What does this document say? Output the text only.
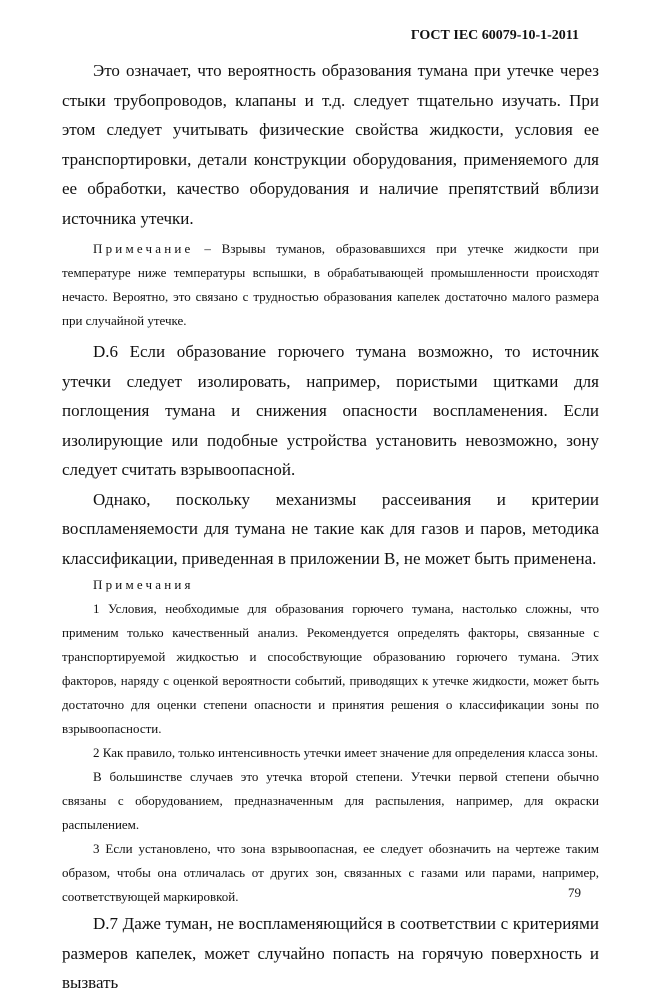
ГОСТ IEC 60079-10-1-2011

Это означает, что вероятность образования тумана при утечке через стыки трубопроводов, клапаны и т.д. следует тщательно изучать. При этом следует учитывать физические свойства жидкости, условия ее транспортировки, детали конструкции оборудования, применяемого для ее обработки, качество оборудования и наличие препятствий вблизи источника утечки.

Примечание – Взрывы туманов, образовавшихся при утечке жидкости при температуре ниже температуры вспышки, в обрабатывающей промышленности происходят нечасто. Вероятно, это связано с трудностью образования капелек достаточно малого размера при случайной утечке.

D.6 Если образование горючего тумана возможно, то источник утечки следует изолировать, например, пористыми щитками для поглощения тумана и снижения опасности воспламенения. Если изолирующие или подобные устройства установить невозможно, зону следует считать взрывоопасной.

Однако, поскольку механизмы рассеивания и критерии воспламеняемости для тумана не такие как для газов и паров, методика классификации, приведенная в приложении В, не может быть применена.

Примечания

1 Условия, необходимые для образования горючего тумана, настолько сложны, что применим только качественный анализ. Рекомендуется определять факторы, связанные с транспортируемой жидкостью и способствующие образованию горючего тумана. Этих факторов, наряду с оценкой вероятности событий, приводящих к утечке жидкости, может быть достаточно для оценки степени опасности и принятия решения о классификации зоны по взрывоопасности.

2 Как правило, только интенсивность утечки имеет значение для определения класса зоны.

В большинстве случаев это утечка второй степени. Утечки первой степени обычно связаны с оборудованием, предназначенным для распыления, например, для окраски распылением.

3 Если установлено, что зона взрывоопасная, ее следует обозначить на чертеже таким образом, чтобы она отличалась от других зон, связанных с газами или парами, например, соответствующей маркировкой.

D.7 Даже туман, не воспламеняющийся в соответствии с критериями размеров капелек, может случайно попасть на горячую поверхность и вызвать

79
